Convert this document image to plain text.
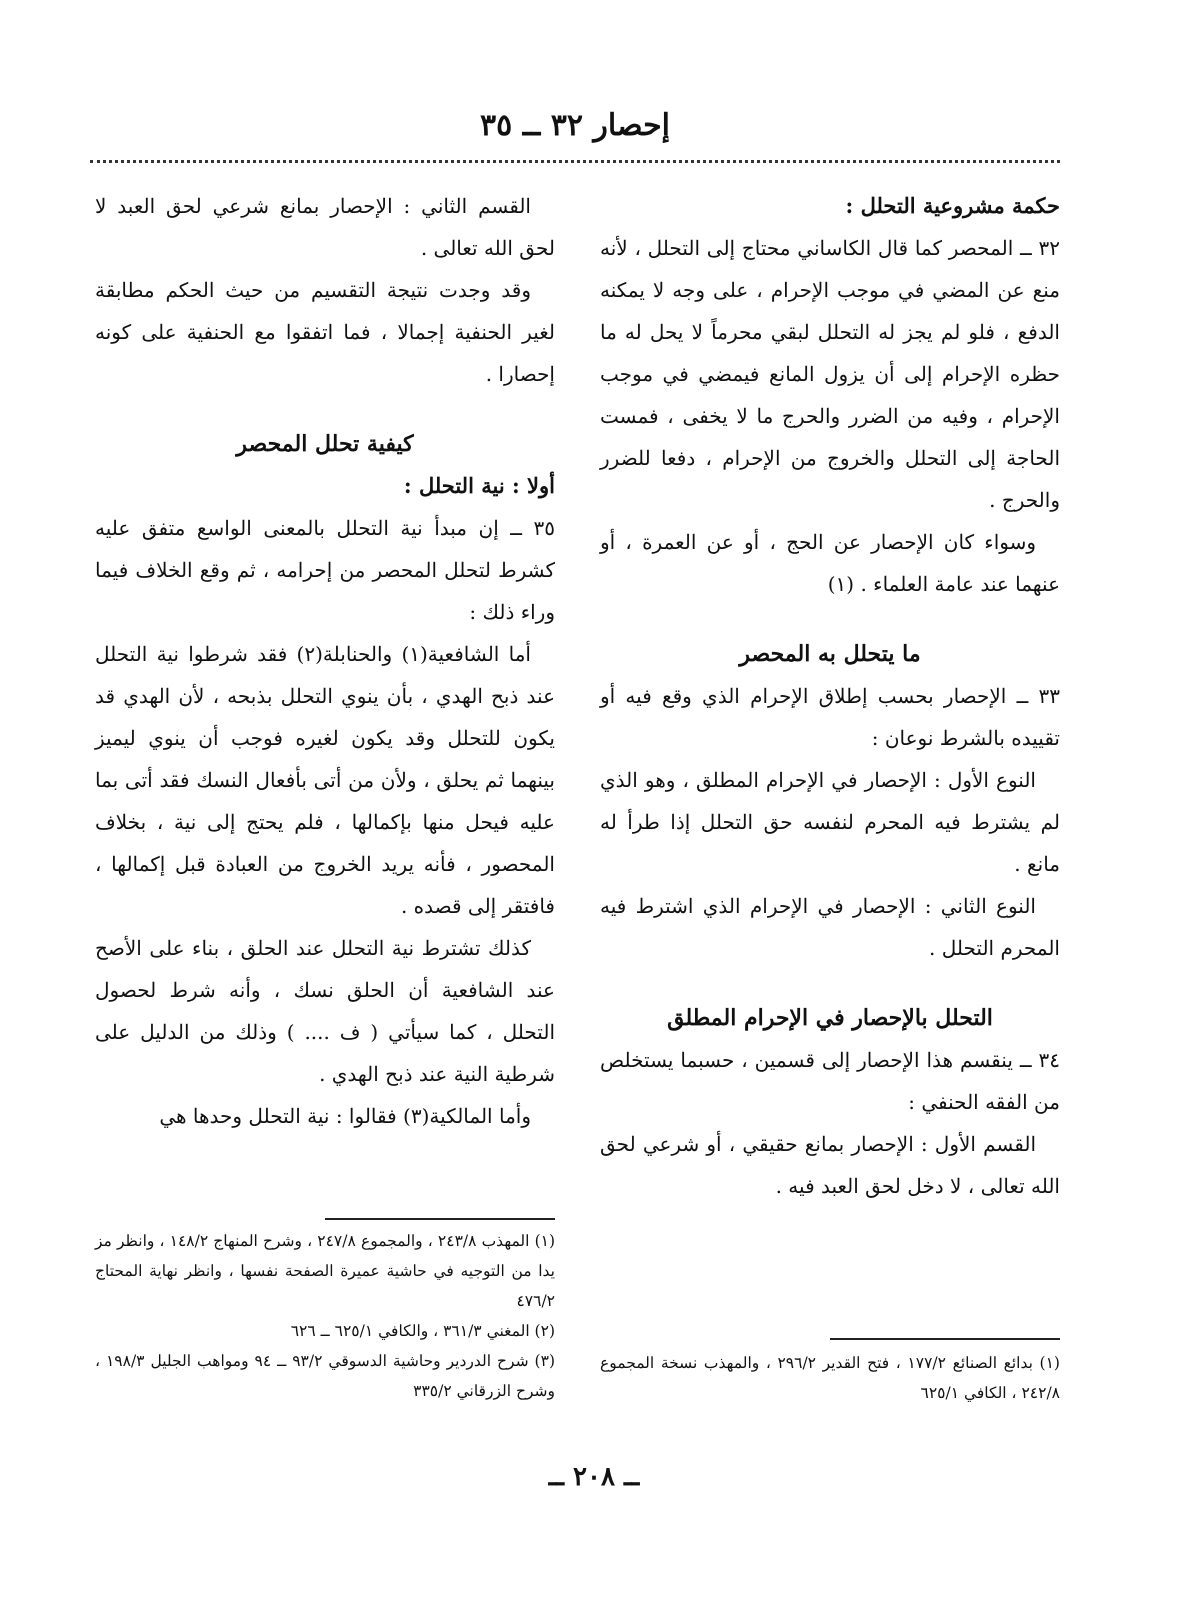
إحصار ٣٢ ــ ٣٥

حكمة مشروعية التحلل :

٣٢ ــ المحصر كما قال الكاساني محتاج إلى التحلل ، لأنه منع عن المضي في موجب الإحرام ، على وجه لا يمكنه الدفع ، فلو لم يجز له التحلل لبقي محرماً لا يحل له ما حظره الإحرام إلى أن يزول المانع فيمضي في موجب الإحرام ، وفيه من الضرر والحرج ما لا يخفى ، فمست الحاجة إلى التحلل والخروج من الإحرام ، دفعا للضرر والحرج .

وسواء كان الإحصار عن الحج ، أو عن العمرة ، أو عنهما عند عامة العلماء . (١)

ما يتحلل به المحصر

٣٣ ــ الإحصار بحسب إطلاق الإحرام الذي وقع فيه أو تقييده بالشرط نوعان :

النوع الأول : الإحصار في الإحرام المطلق ، وهو الذي لم يشترط فيه المحرم لنفسه حق التحلل إذا طرأ له مانع .

النوع الثاني : الإحصار في الإحرام الذي اشترط فيه المحرم التحلل .

التحلل بالإحصار في الإحرام المطلق

٣٤ ــ ينقسم هذا الإحصار إلى قسمين ، حسبما يستخلص من الفقه الحنفي :

القسم الأول : الإحصار بمانع حقيقي ، أو شرعي لحق الله تعالى ، لا دخل لحق العبد فيه .

القسم الثاني : الإحصار بمانع شرعي لحق العبد لا لحق الله تعالى .

وقد وجدت نتيجة التقسيم من حيث الحكم مطابقة لغير الحنفية إجمالا ، فما اتفقوا مع الحنفية على كونه إحصارا .

كيفية تحلل المحصر

أولا : نية التحلل :

٣٥ ــ إن مبدأ نية التحلل بالمعنى الواسع متفق عليه كشرط لتحلل المحصر من إحرامه ، ثم وقع الخلاف فيما وراء ذلك :

أما الشافعية(١) والحنابلة(٢) فقد شرطوا نية التحلل عند ذبح الهدي ، بأن ينوي التحلل بذبحه ، لأن الهدي قد يكون للتحلل وقد يكون لغيره فوجب أن ينوي ليميز بينهما ثم يحلق ، ولأن من أتى بأفعال النسك فقد أتى بما عليه فيحل منها بإكمالها ، فلم يحتج إلى نية ، بخلاف المحصور ، فأنه يريد الخروج من العبادة قبل إكمالها ، فافتقر إلى قصده .

كذلك تشترط نية التحلل عند الحلق ، بناء على الأصح عند الشافعية أن الحلق نسك ، وأنه شرط لحصول التحلل ، كما سيأتي ( ف .... ) وذلك من الدليل على شرطية النية عند ذبح الهدي .

وأما المالكية(٣) فقالوا : نية التحلل وحدها هي

(١) بدائع الصنائع ١٧٧/٢ ، فتح القدير ٢٩٦/٢ ، والمهذب نسخة المجموع ٢٤٢/٨ ، الكافي ٦٢٥/١

(١) المهذب ٢٤٣/٨ ، والمجموع ٢٤٧/٨ ، وشرح المنهاج ١٤٨/٢ ، وانظر مز يدا من التوجيه في حاشية عميرة الصفحة نفسها ، وانظر نهاية المحتاج ٤٧٦/٢

(٢) المغني ٣٦١/٣ ، والكافي ٦٢٥/١ ــ ٦٢٦

(٣) شرح الدردير وحاشية الدسوقي ٩٣/٢ ــ ٩٤ ومواهب الجليل ١٩٨/٣ ، وشرح الزرقاني ٣٣٥/٢

ــ ٢٠٨ ــ
